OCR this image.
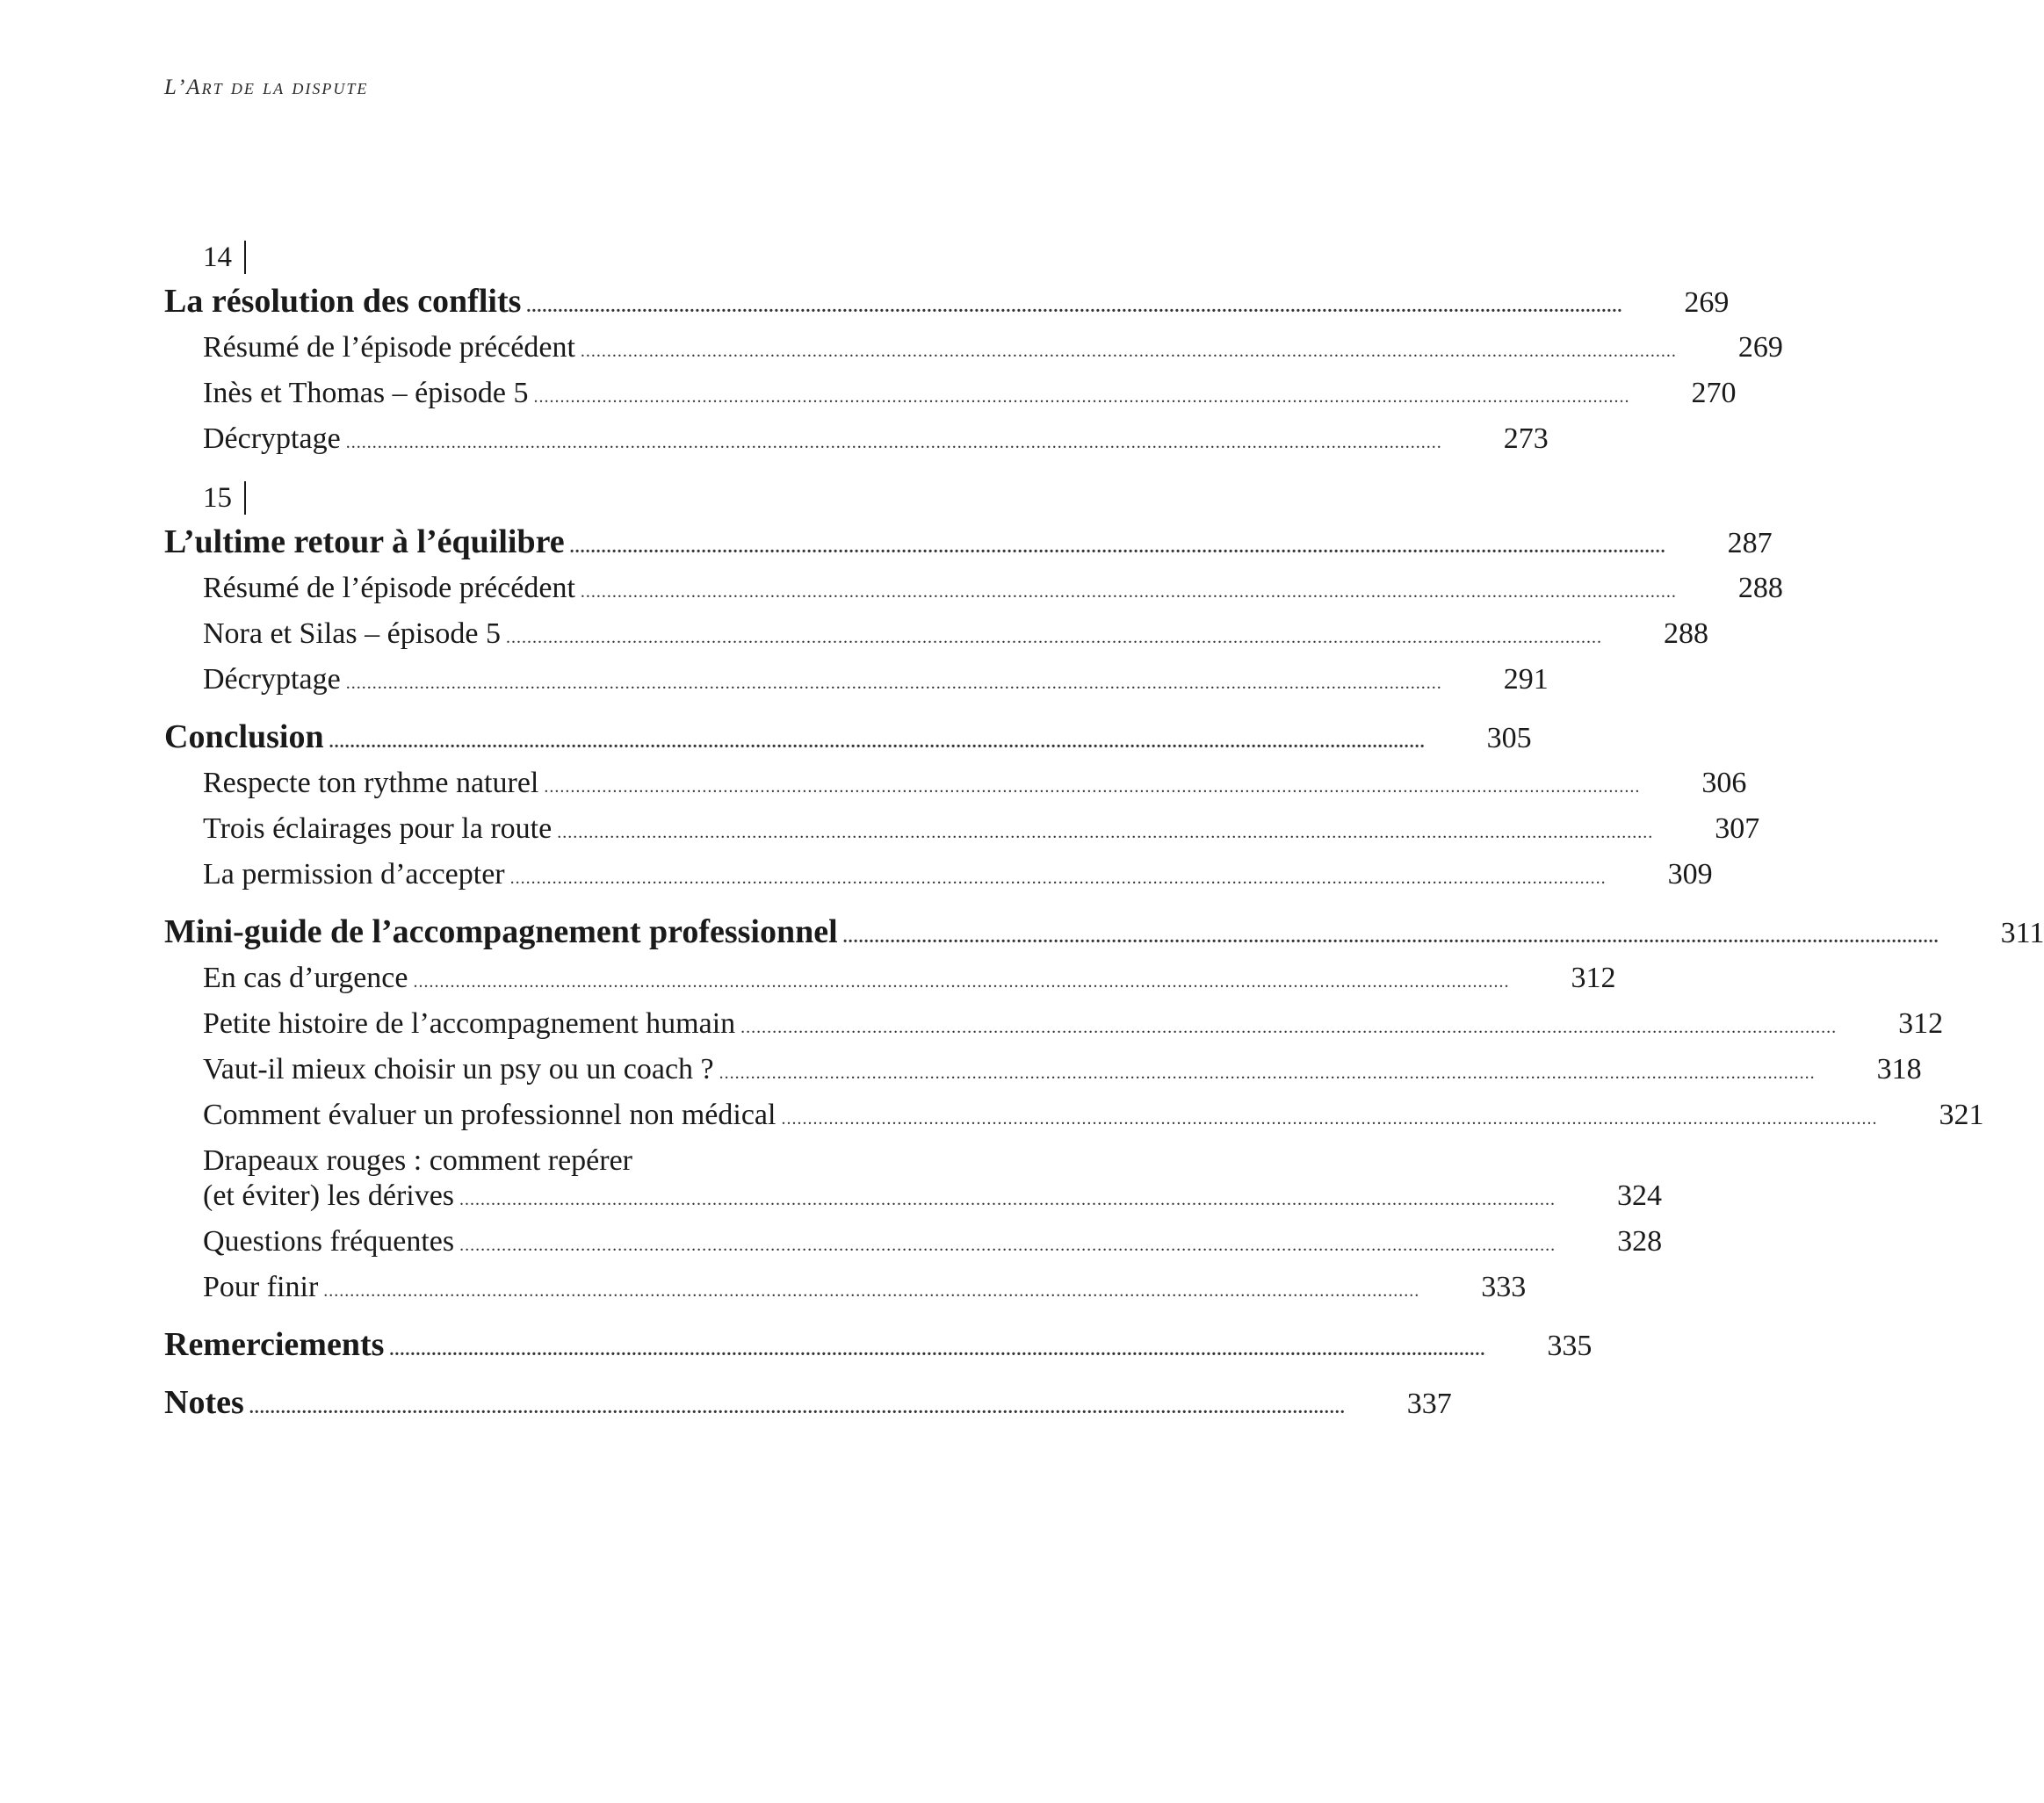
L’Art de la dispute
14
La résolution des conflits ................................................................................................................................................................................................................ 269
Résumé de l’épisode précédent ................................................................................................................................................................................................................ 269
Inès et Thomas – épisode 5 ................................................................................................................................................................................................................ 270
Décryptage ................................................................................................................................................................................................................ 273
15
L’ultime retour à l’équilibre ................................................................................................................................................................................................................ 287
Résumé de l’épisode précédent ................................................................................................................................................................................................................ 288
Nora et Silas – épisode 5 ................................................................................................................................................................................................................ 288
Décryptage ................................................................................................................................................................................................................ 291
Conclusion ................................................................................................................................................................................................................ 305
Respecte ton rythme naturel ................................................................................................................................................................................................................ 306
Trois éclairages pour la route ................................................................................................................................................................................................................ 307
La permission d’accepter ................................................................................................................................................................................................................ 309
Mini-guide de l’accompagnement professionnel ................................................................................................................................................................................................................ 311
En cas d’urgence ................................................................................................................................................................................................................ 312
Petite histoire de l’accompagnement humain ................................................................................................................................................................................................................ 312
Vaut-il mieux choisir un psy ou un coach ? ................................................................................................................................................................................................................ 318
Comment évaluer un professionnel non médical ................................................................................................................................................................................................................ 321
Drapeaux rouges : comment repérer
(et éviter) les dérives ................................................................................................................................................................................................................ 324
Questions fréquentes ................................................................................................................................................................................................................ 328
Pour finir ................................................................................................................................................................................................................ 333
Remerciements ................................................................................................................................................................................................................ 335
Notes ................................................................................................................................................................................................................ 337
